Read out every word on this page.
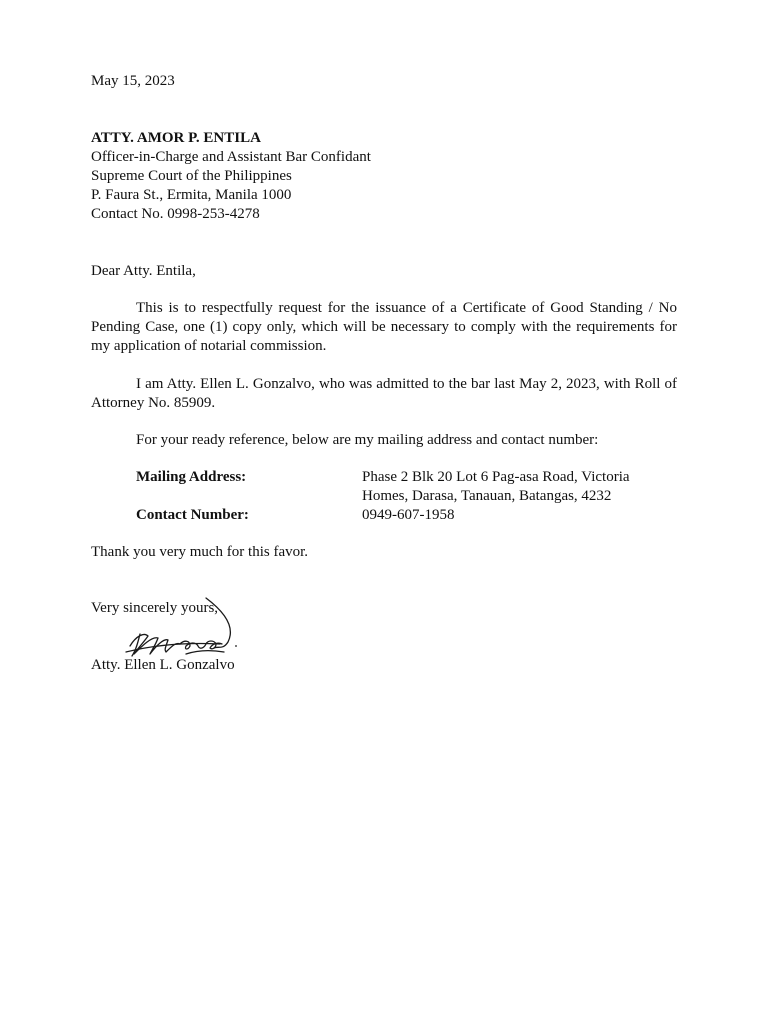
May 15, 2023
ATTY. AMOR P. ENTILA
Officer-in-Charge and Assistant Bar Confidant
Supreme Court of the Philippines
P. Faura St., Ermita, Manila 1000
Contact No. 0998-253-4278
Dear Atty. Entila,
This is to respectfully request for the issuance of a Certificate of Good Standing / No Pending Case, one (1) copy only, which will be necessary to comply with the requirements for my application of notarial commission.
I am Atty. Ellen L. Gonzalvo, who was admitted to the bar last May 2, 2023, with Roll of Attorney No. 85909.
For your ready reference, below are my mailing address and contact number:
Mailing Address:	Phase 2 Blk 20 Lot 6 Pag-asa Road, Victoria Homes, Darasa, Tanauan, Batangas, 4232
Contact Number:	0949-607-1958
Thank you very much for this favor.
Very sincerely yours,
Atty. Ellen L. Gonzalvo
